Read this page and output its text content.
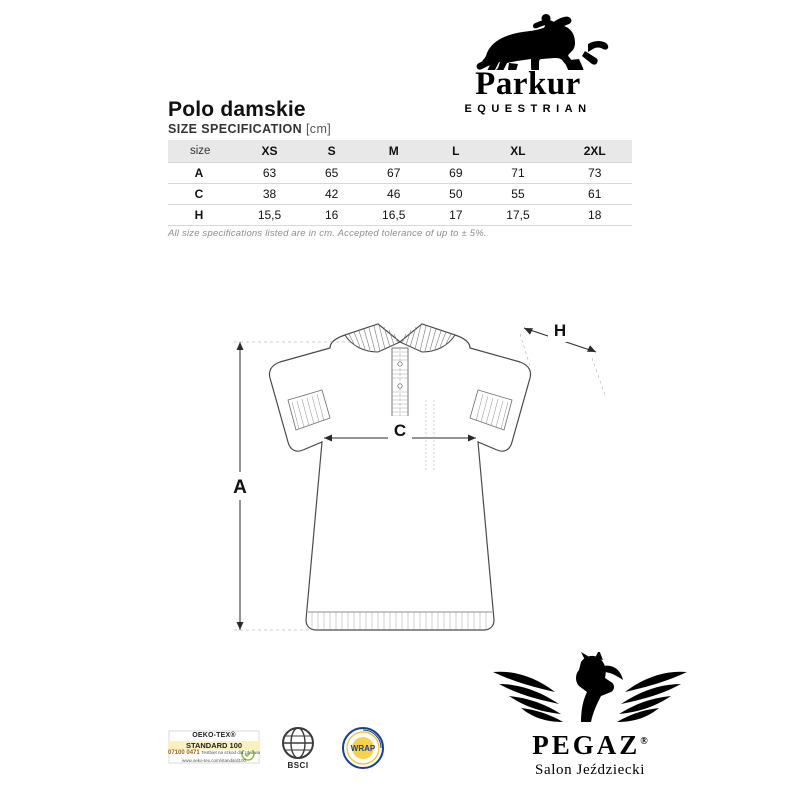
Parkur
EQUESTRIAN
Polo damskie
SIZE SPECIFICATION [cm]
size	XS	S	M	L	XL	2XL
A	63	65	67	69	71	73
C	38	42	46	50	55	61
H	15,5	16	16,5	17	17,5	18
All size specifications listed are in cm. Accepted tolerance of up to ± 5%.
A
C
H
OEKO-TEX®
STANDARD 100
07100 0471 Testbiet na szkod dla zdrowia www.oeko-tex.com/standard100
BSCI
WRAP	PEGAZ®
Salon Jeździecki
